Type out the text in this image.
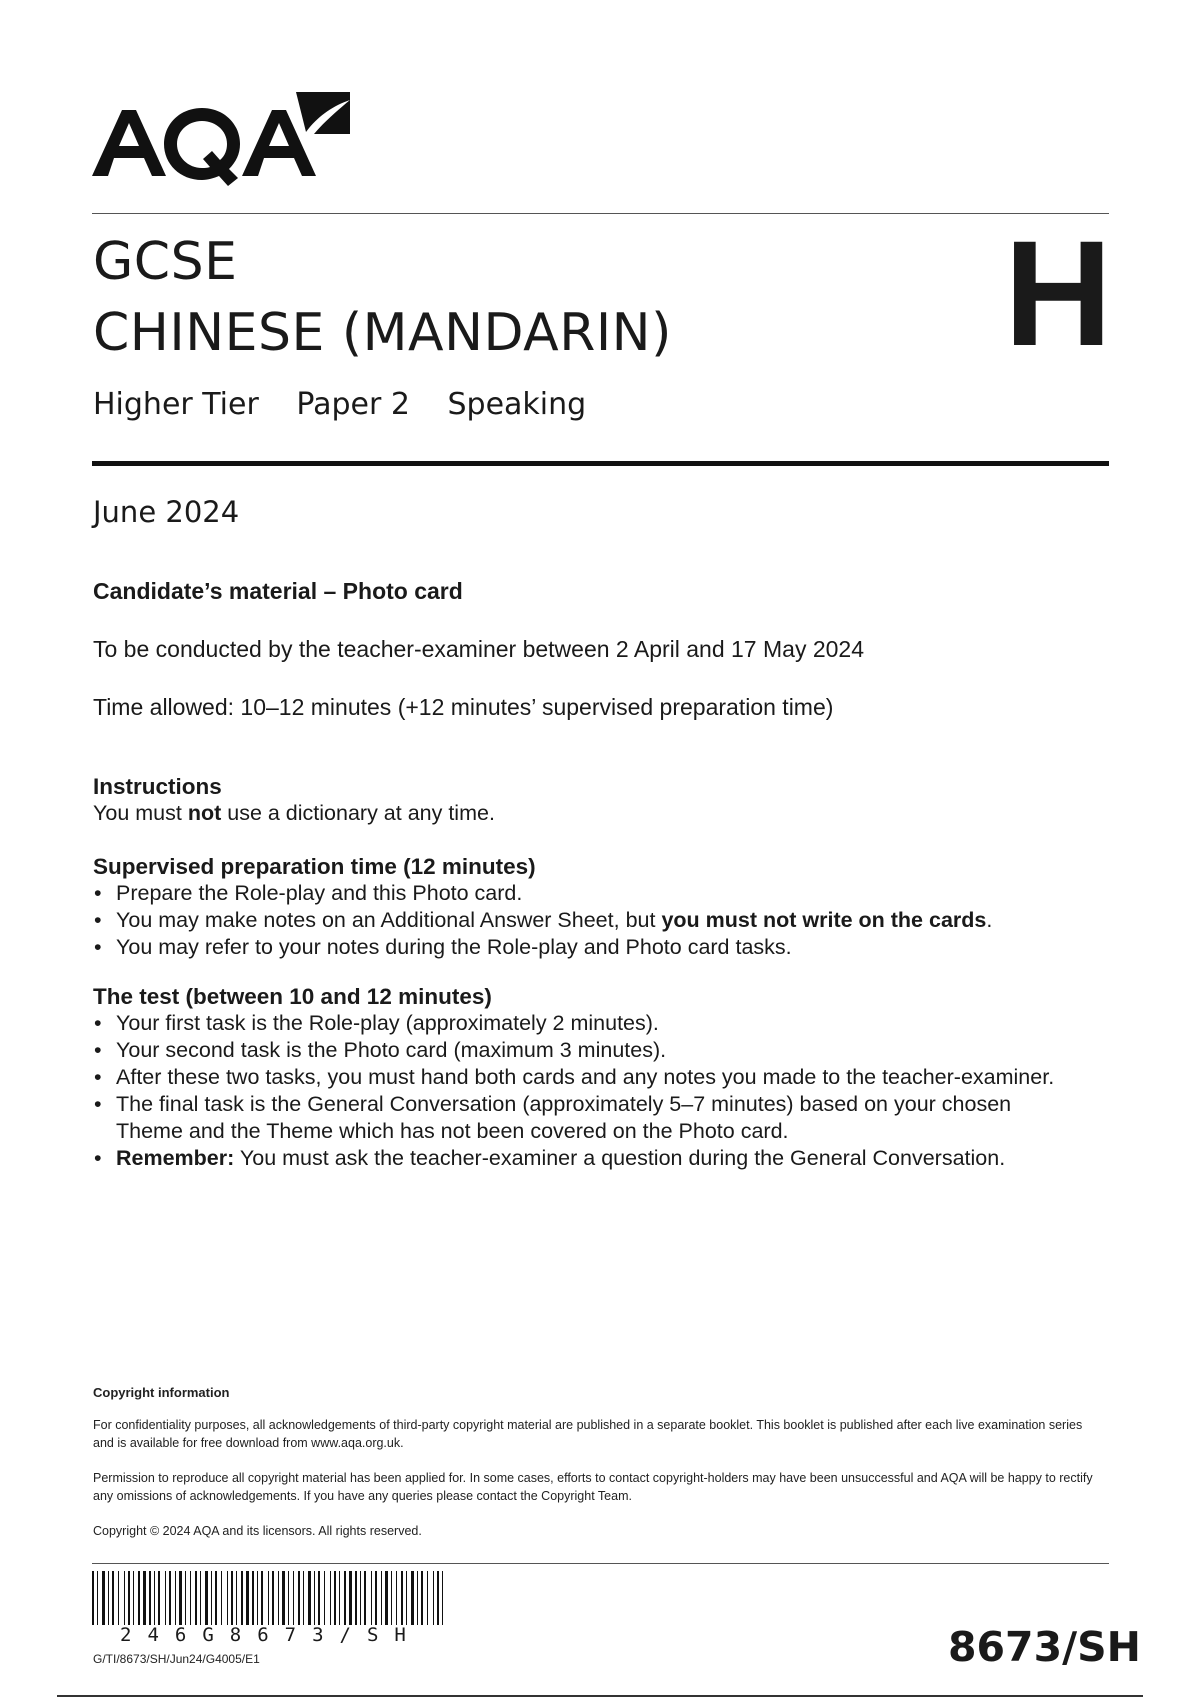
GCSE
CHINESE (MANDARIN) H
Higher Tier Paper 2 Speaking
June 2024

Candidate’s material – Photo card

To be conducted by the teacher-examiner between 2 April and 17 May 2024

Time allowed: 10–12 minutes (+12 minutes’ supervised preparation time)

Instructions

You must not use a dictionary at any time.

Supervised preparation time (12 minutes)

• Prepare the Role-play and this Photo card.
• You may make notes on an Additional Answer Sheet, but you must not write on the cards.
• You may refer to your notes during the Role-play and Photo card tasks.

The test (between 10 and 12 minutes)

• Your first task is the Role-play (approximately 2 minutes).
• Your second task is the Photo card (maximum 3 minutes).
• After these two tasks, you must hand both cards and any notes you made to the teacher-examiner.
• The final task is the General Conversation (approximately 5–7 minutes) based on your chosen Theme and the Theme which has not been covered on the Photo card.
• Remember: You must ask the teacher-examiner a question during the General Conversation.

Copyright information

For confidentiality purposes, all acknowledgements of third-party copyright material are published in a separate booklet. This booklet is published after each live examination series and is available for free download from www.aqa.org.uk.

Permission to reproduce all copyright material has been applied for. In some cases, efforts to contact copyright-holders may have been unsuccessful and AQA will be happy to rectify any omissions of acknowledgements. If you have any queries please contact the Copyright Team.

Copyright © 2024 AQA and its licensors. All rights reserved.

246G8673/SH
G/TI/8673/SH/Jun24/G4005/E1	8673/SH
